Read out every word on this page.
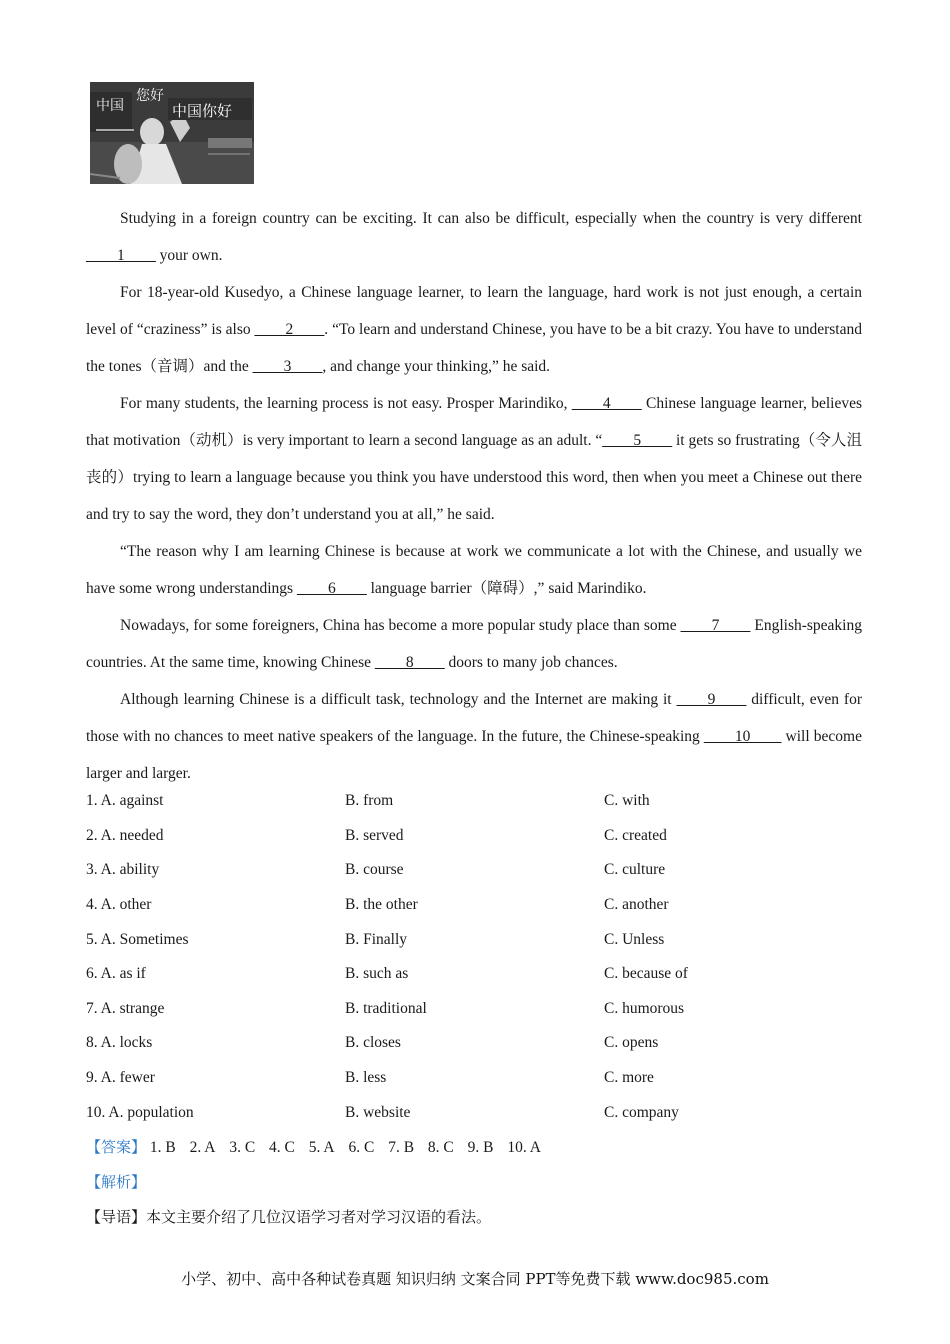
中国
您好
中国你好

Studying in a foreign country can be exciting. It can also be difficult, especially when the country is very different ____1____ your own.

For 18-year-old Kusedyo, a Chinese language learner, to learn the language, hard work is not just enough, a certain level of “craziness” is also ____2____. “To learn and understand Chinese, you have to be a bit crazy. You have to understand the tones（音调）and the ____3____, and change your thinking,” he said.

For many students, the learning process is not easy. Prosper Marindiko, ____4____ Chinese language learner, believes that motivation（动机）is very important to learn a second language as an adult. “____5____ it gets so frustrating（令人沮丧的）trying to learn a language because you think you have understood this word, then when you meet a Chinese out there and try to say the word, they don’t understand you at all,” he said.

“The reason why I am learning Chinese is because at work we communicate a lot with the Chinese, and usually we have some wrong understandings ____6____ language barrier（障碍）,” said Marindiko.

Nowadays, for some foreigners, China has become a more popular study place than some ____7____ English-speaking countries. At the same time, knowing Chinese ____8____ doors to many job chances.

Although learning Chinese is a difficult task, technology and the Internet are making it ____9____ difficult, even for those with no chances to meet native speakers of the language. In the future, the Chinese-speaking ____10____ will become larger and larger.

1. A. against	B. from	C. with
2. A. needed	B. served	C. created
3. A. ability	B. course	C. culture
4. A. other	B. the other	C. another
5. A. Sometimes	B. Finally	C. Unless
6. A. as if	B. such as	C. because of
7. A. strange	B. traditional	C. humorous
8. A. locks	B. closes	C. opens
9. A. fewer	B. less	C. more
10. A. population	B. website	C. company
【答案】 1. B 2. A 3. C 4. C 5. A 6. C 7. B 8. C 9. B 10. A
【解析】
【导语】本文主要介绍了几位汉语学习者对学习汉语的看法。
小学、初中、高中各种试卷真题 知识归纳 文案合同 PPT等免费下载 www.doc985.com
